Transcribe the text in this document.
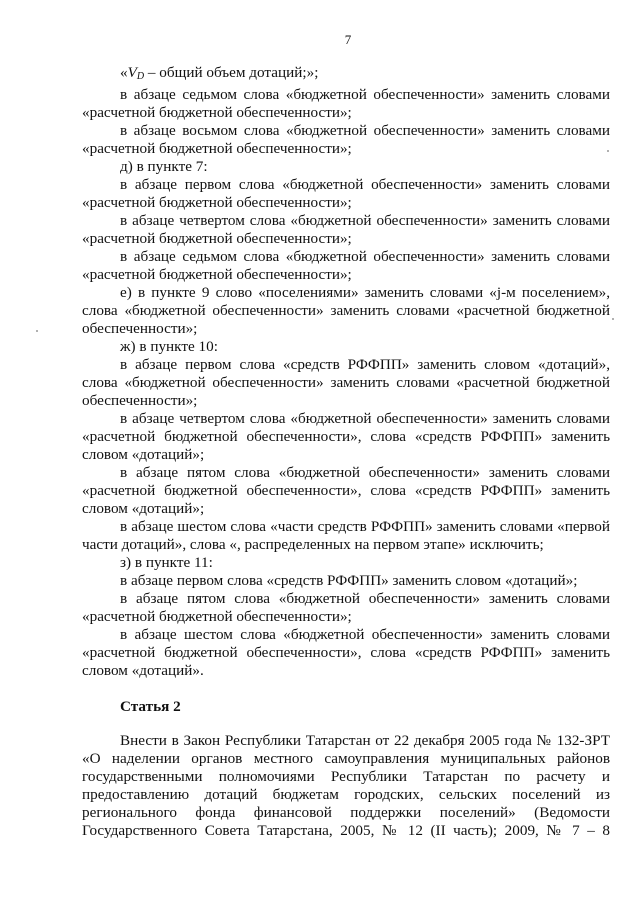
7

«$V_D$ – общий объем дотаций;»;

в абзаце седьмом слова «бюджетной обеспеченности» заменить словами «расчетной бюджетной обеспеченности»;

в абзаце восьмом слова «бюджетной обеспеченности» заменить словами «расчетной бюджетной обеспеченности»;

д) в пункте 7:

в абзаце первом слова «бюджетной обеспеченности» заменить словами «расчетной бюджетной обеспеченности»;

в абзаце четвертом слова «бюджетной обеспеченности» заменить словами «расчетной бюджетной обеспеченности»;

в абзаце седьмом слова «бюджетной обеспеченности» заменить словами «расчетной бюджетной обеспеченности»;

е) в пункте 9 слово «поселениями» заменить словами «j-м поселением», слова «бюджетной обеспеченности» заменить словами «расчетной бюджетной обеспеченности»;

ж) в пункте 10:

в абзаце первом слова «средств РФФПП» заменить словом «дотаций», слова «бюджетной обеспеченности» заменить словами «расчетной бюджетной обеспеченности»;

в абзаце четвертом слова «бюджетной обеспеченности» заменить словами «расчетной бюджетной обеспеченности», слова «средств РФФПП» заменить словом «дотаций»;

в абзаце пятом слова «бюджетной обеспеченности» заменить словами «расчетной бюджетной обеспеченности», слова «средств РФФПП» заменить словом «дотаций»;

в абзаце шестом слова «части средств РФФПП» заменить словами «первой части дотаций», слова «, распределенных на первом этапе» исключить;

з) в пункте 11:

в абзаце первом слова «средств РФФПП» заменить словом «дотаций»;

в абзаце пятом слова «бюджетной обеспеченности» заменить словами «расчетной бюджетной обеспеченности»;

в абзаце шестом слова «бюджетной обеспеченности» заменить словами «расчетной бюджетной обеспеченности», слова «средств РФФПП» заменить словом «дотаций».

Статья 2

Внести в Закон Республики Татарстан от 22 декабря 2005 года № 132-ЗРТ «О наделении органов местного самоуправления муниципальных районов государственными полномочиями Республики Татарстан по расчету и предоставлению дотаций бюджетам городских, сельских поселений из регионального фонда финансовой поддержки поселений» (Ведомости Государственного Совета Татарстана, 2005, № 12 (II часть); 2009, № 7 – 8
